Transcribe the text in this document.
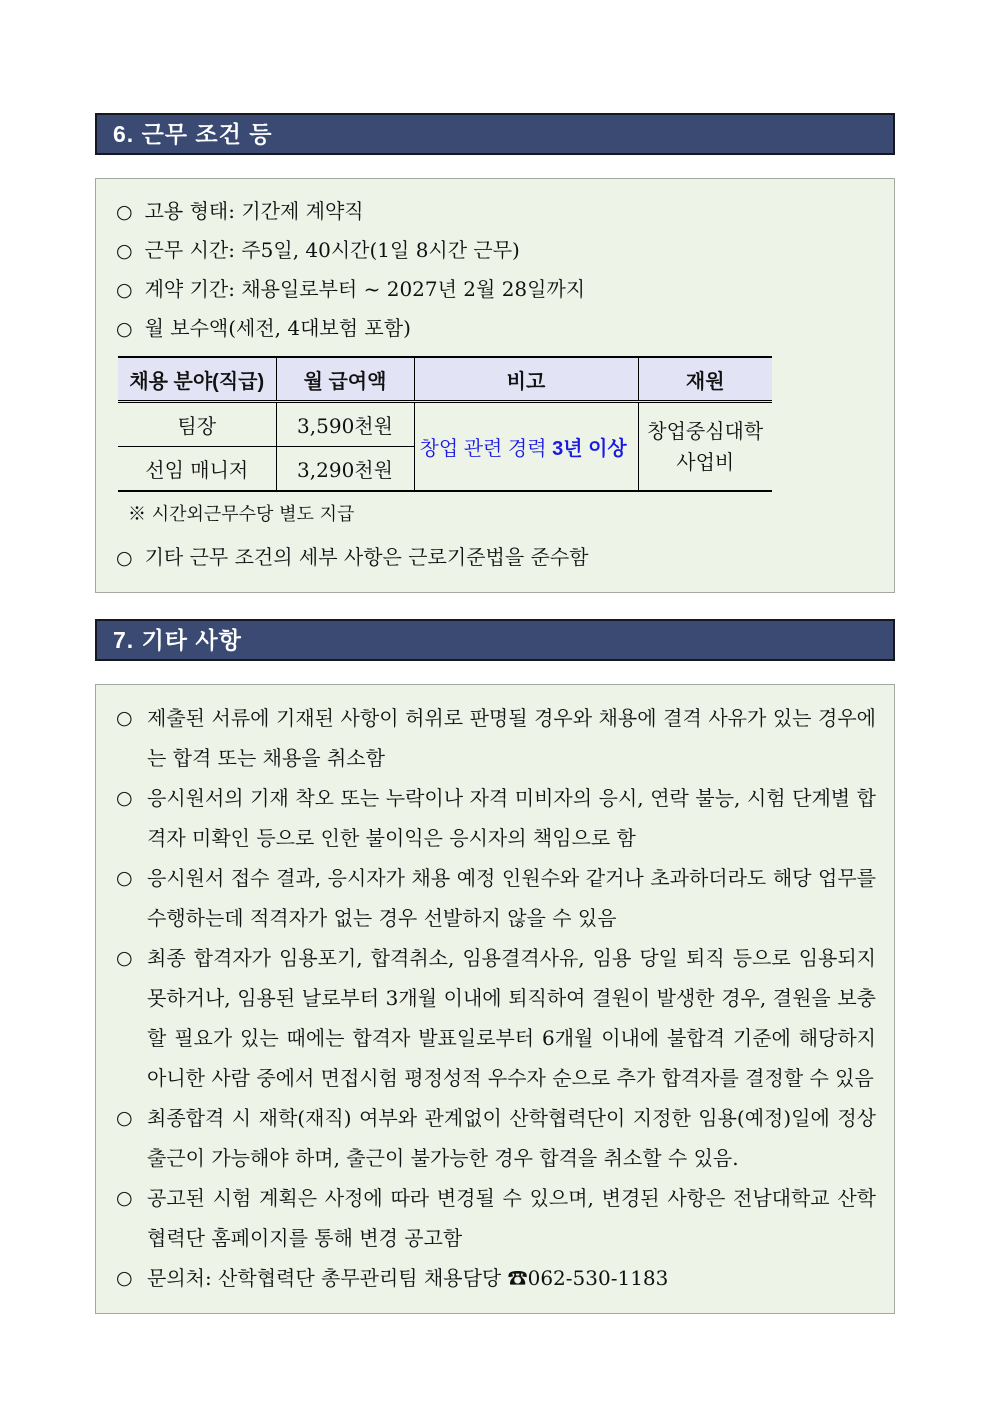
6. 근무 조건 등
○ 고용 형태: 기간제 계약직
○ 근무 시간: 주5일, 40시간(1일 8시간 근무)
○ 계약 기간: 채용일로부터 ~ 2027년 2월 28일까지
○ 월 보수액(세전, 4대보험 포함)
채용 분야(직급)	월 급여액	비고	재원
팀장	3,590천원	창업 관련 경력 3년 이상	창업중심대학 사업비
선임 매니저	3,290천원		
※ 시간외근무수당 별도 지급
○ 기타 근무 조건의 세부 사항은 근로기준법을 준수함
7. 기타 사항
○ 제출된 서류에 기재된 사항이 허위로 판명될 경우와 채용에 결격 사유가 있는 경우에는 합격 또는 채용을 취소함
○ 응시원서의 기재 착오 또는 누락이나 자격 미비자의 응시, 연락 불능, 시험 단계별 합격자 미확인 등으로 인한 불이익은 응시자의 책임으로 함
○ 응시원서 접수 결과, 응시자가 채용 예정 인원수와 같거나 초과하더라도 해당 업무를 수행하는데 적격자가 없는 경우 선발하지 않을 수 있음
○ 최종 합격자가 임용포기, 합격취소, 임용결격사유, 임용 당일 퇴직 등으로 임용되지 못하거나, 임용된 날로부터 3개월 이내에 퇴직하여 결원이 발생한 경우, 결원을 보충할 필요가 있는 때에는 합격자 발표일로부터 6개월 이내에 불합격 기준에 해당하지 아니한 사람 중에서 면접시험 평정성적 우수자 순으로 추가 합격자를 결정할 수 있음
○ 최종합격 시 재학(재직) 여부와 관계없이 산학협력단이 지정한 임용(예정)일에 정상출근이 가능해야 하며, 출근이 불가능한 경우 합격을 취소할 수 있음.
○ 공고된 시험 계획은 사정에 따라 변경될 수 있으며, 변경된 사항은 전남대학교 산학협력단 홈페이지를 통해 변경 공고함
○ 문의처: 산학협력단 총무관리팀 채용담당 ☎062-530-1183
